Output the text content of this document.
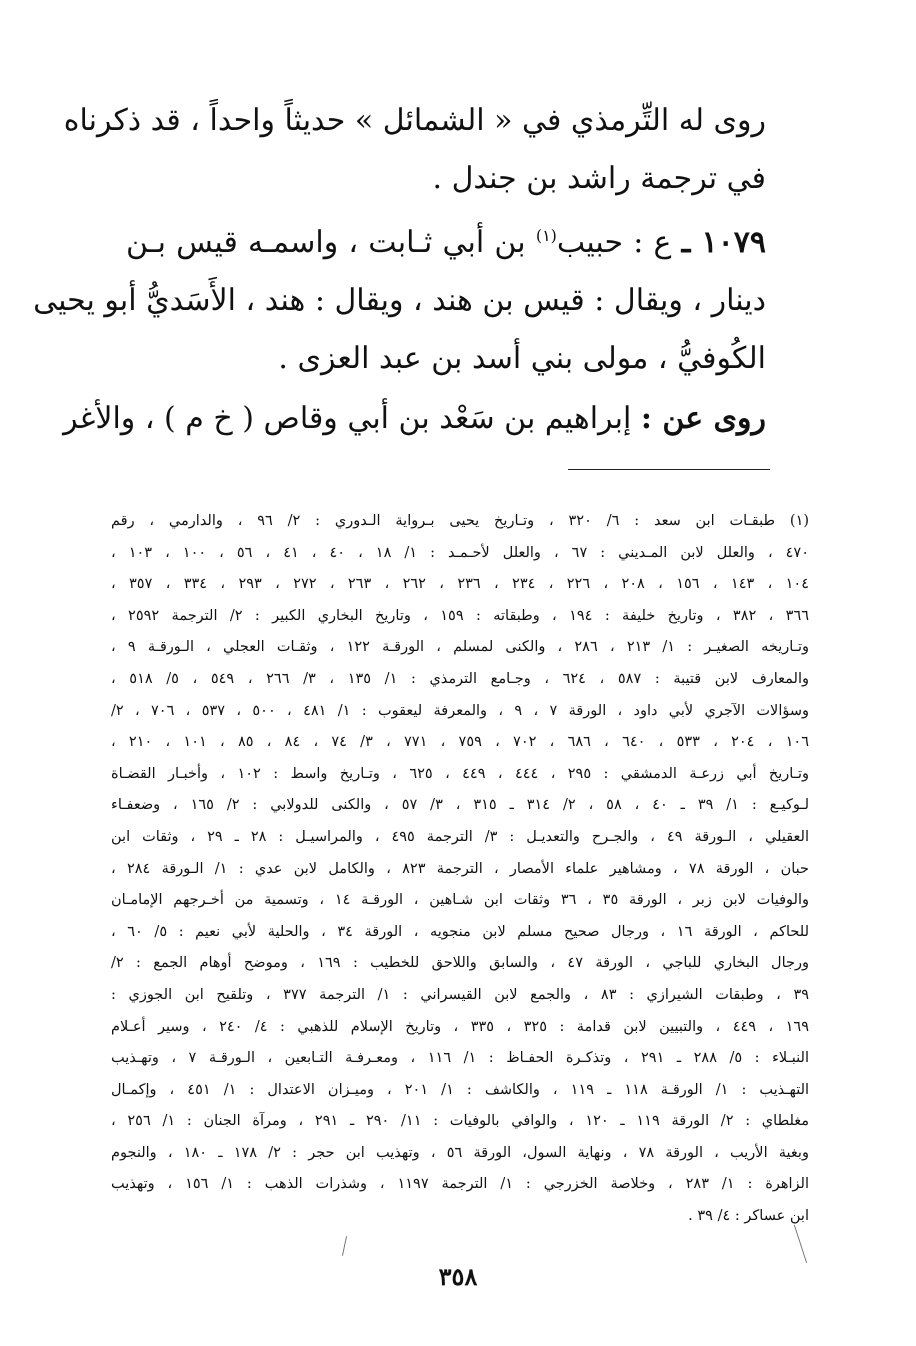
روى له التِّرمذي في « الشمائل » حديثاً واحداً ، قد ذكرناه
في ترجمة راشد بن جندل .
١٠٧٩ ـ ع : حبيب$^{(١)}$ بن أبي ثـابت ، واسمـه قيس بـن
دينار ، ويقال : قيس بن هند ، ويقال : هند ، الأَسَديُّ أبو يحيى
الكُوفيُّ ، مولى بني أسد بن عبد العزى .
روى عن : إبراهيم بن سَعْد بن أبي وقاص ( خ م ) ، والأغر
(١) طبقـات ابن سعد : ٦/ ٣٢٠ ، وتـاريخ يحيى بـرواية الـدوري : ٢/ ٩٦ ، والدارمي ، رقم
٤٧٠ ، والعلل لابن المـديني : ٦٧ ، والعلل لأحـمـد : ١/ ١٨ ، ٤٠ ، ٤١ ، ٥٦ ، ١٠٠ ، ١٠٣ ،
١٠٤ ، ١٤٣ ، ١٥٦ ، ٢٠٨ ، ٢٢٦ ، ٢٣٤ ، ٢٣٦ ، ٢٦٢ ، ٢٦٣ ، ٢٧٢ ، ٢٩٣ ، ٣٣٤ ، ٣٥٧ ،
٣٦٦ ، ٣٨٢ ، وتاريخ خليفة : ١٩٤ ، وطبقاته : ١٥٩ ، وتاريخ البخاري الكبير : ٢/ الترجمة ٢٥٩٢ ،
وتـاريخه الصغيـر : ١/ ٢١٣ ، ٢٨٦ ، والكنى لمسلم ، الورقـة ١٢٢ ، وثقـات العجلي ، الـورقـة ٩ ،
والمعارف لابن قتيبة : ٥٨٧ ، ٦٢٤ ، وجـامع الترمذي : ١/ ١٣٥ ، ٣/ ٢٦٦ ، ٥٤٩ ، ٥/ ٥١٨ ،
وسؤالات الآجري لأبي داود ، الورقة ٧ ، ٩ ، والمعرفة ليعقوب : ١/ ٤٨١ ، ٥٠٠ ، ٥٣٧ ، ٧٠٦ ، ٢/
١٠٦ ، ٢٠٤ ، ٥٣٣ ، ٦٤٠ ، ٦٨٦ ، ٧٠٢ ، ٧٥٩ ، ٧٧١ ، ٣/ ٧٤ ، ٨٤ ، ٨٥ ، ١٠١ ، ٢١٠ ،
وتـاريخ أبي زرعـة الدمشقي : ٢٩٥ ، ٤٤٤ ، ٤٤٩ ، ٦٢٥ ، وتـاريخ واسط : ١٠٢ ، وأخبـار القضـاة
لـوكيـع : ١/ ٣٩ ـ ٤٠ ، ٥٨ ، ٢/ ٣١٤ ـ ٣١٥ ، ٣/ ٥٧ ، والكنى للدولابي : ٢/ ١٦٥ ، وضعفـاء
العقيلي ، الـورقة ٤٩ ، والجـرح والتعديـل : ٣/ الترجمة ٤٩٥ ، والمراسيـل : ٢٨ ـ ٢٩ ، وثقات ابن
حبان ، الورقة ٧٨ ، ومشاهير علماء الأمصار ، الترجمة ٨٢٣ ، والكامل لابن عدي : ١/ الـورقة ٢٨٤ ،
والوفيات لابن زبر ، الورقة ٣٥ ، ٣٦ وثقات ابن شـاهين ، الورقـة ١٤ ، وتسمية من أخـرجهم الإمامـان
للحاكم ، الورقة ١٦ ، ورجال صحيح مسلم لابن منجويه ، الورقة ٣٤ ، والحلية لأبي نعيم : ٥/ ٦٠ ،
ورجال البخاري للباجي ، الورقة ٤٧ ، والسابق واللاحق للخطيب : ١٦٩ ، وموضح أوهام الجمع : ٢/
٣٩ ، وطبقات الشيرازي : ٨٣ ، والجمع لابن القيسراني : ١/ الترجمة ٣٧٧ ، وتلقيح ابن الجوزي :
١٦٩ ، ٤٤٩ ، والتبيين لابن قدامة : ٣٢٥ ، ٣٣٥ ، وتاريخ الإسلام للذهبي : ٤/ ٢٤٠ ، وسير أعـلام
النبـلاء : ٥/ ٢٨٨ ـ ٢٩١ ، وتذكـرة الحفـاظ : ١/ ١١٦ ، ومعـرفـة التـابعين ، الـورقـة ٧ ، وتهـذيب
التهـذيب : ١/ الورقـة ١١٨ ـ ١١٩ ، والكاشف : ١/ ٢٠١ ، وميـزان الاعتدال : ١/ ٤٥١ ، وإكمـال
مغلطاي : ٢/ الورقة ١١٩ ـ ١٢٠ ، والوافي بالوفيات : ١١/ ٢٩٠ ـ ٢٩١ ، ومرآة الجنان : ١/ ٢٥٦ ،
وبغية الأريب ، الورقة ٧٨ ، ونهاية السول، الورقة ٥٦ ، وتهذيب ابن حجر : ٢/ ١٧٨ ـ ١٨٠ ، والنجوم
الزاهرة : ١/ ٢٨٣ ، وخلاصة الخزرجي : ١/ الترجمة ١١٩٧ ، وشذرات الذهب : ١/ ١٥٦ ، وتهذيب
ابن عساكر : ٤/ ٣٩ .
٣٥٨
